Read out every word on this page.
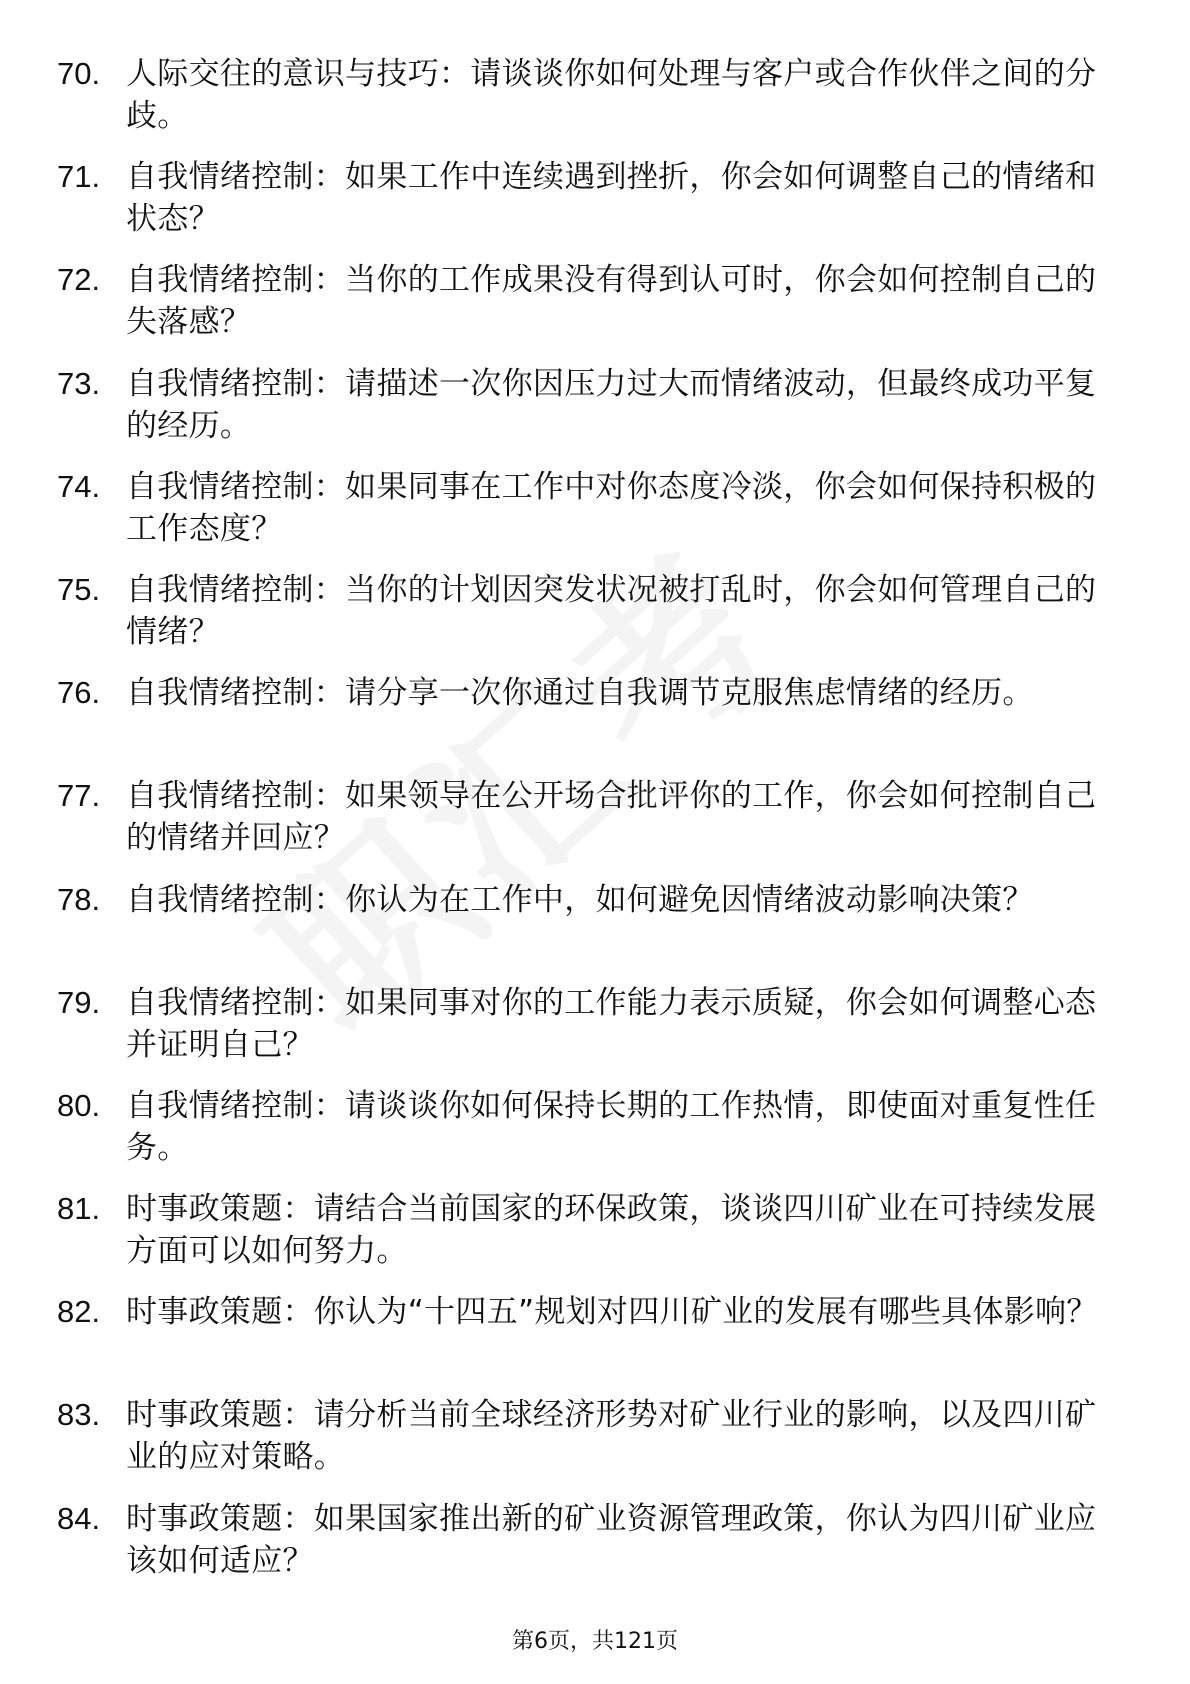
70. 人际交往的意识与技巧：请谈谈你如何处理与客户或合作伙伴之间的分歧。
71. 自我情绪控制：如果工作中连续遇到挫折，你会如何调整自己的情绪和状态？
72. 自我情绪控制：当你的工作成果没有得到认可时，你会如何控制自己的失落感？
73. 自我情绪控制：请描述一次你因压力过大而情绪波动，但最终成功平复的经历。
74. 自我情绪控制：如果同事在工作中对你态度冷淡，你会如何保持积极的工作态度？
75. 自我情绪控制：当你的计划因突发状况被打乱时，你会如何管理自己的情绪？
76. 自我情绪控制：请分享一次你通过自我调节克服焦虑情绪的经历。
77. 自我情绪控制：如果领导在公开场合批评你的工作，你会如何控制自己的情绪并回应？
78. 自我情绪控制：你认为在工作中，如何避免因情绪波动影响决策？
79. 自我情绪控制：如果同事对你的工作能力表示质疑，你会如何调整心态并证明自己？
80. 自我情绪控制：请谈谈你如何保持长期的工作热情，即使面对重复性任务。
81. 时事政策题：请结合当前国家的环保政策，谈谈四川矿业在可持续发展方面可以如何努力。
82. 时事政策题：你认为“十四五”规划对四川矿业的发展有哪些具体影响？
83. 时事政策题：请分析当前全球经济形势对矿业行业的影响，以及四川矿业的应对策略。
84. 时事政策题：如果国家推出新的矿业资源管理政策，你认为四川矿业应该如何适应？
第6页，共121页
